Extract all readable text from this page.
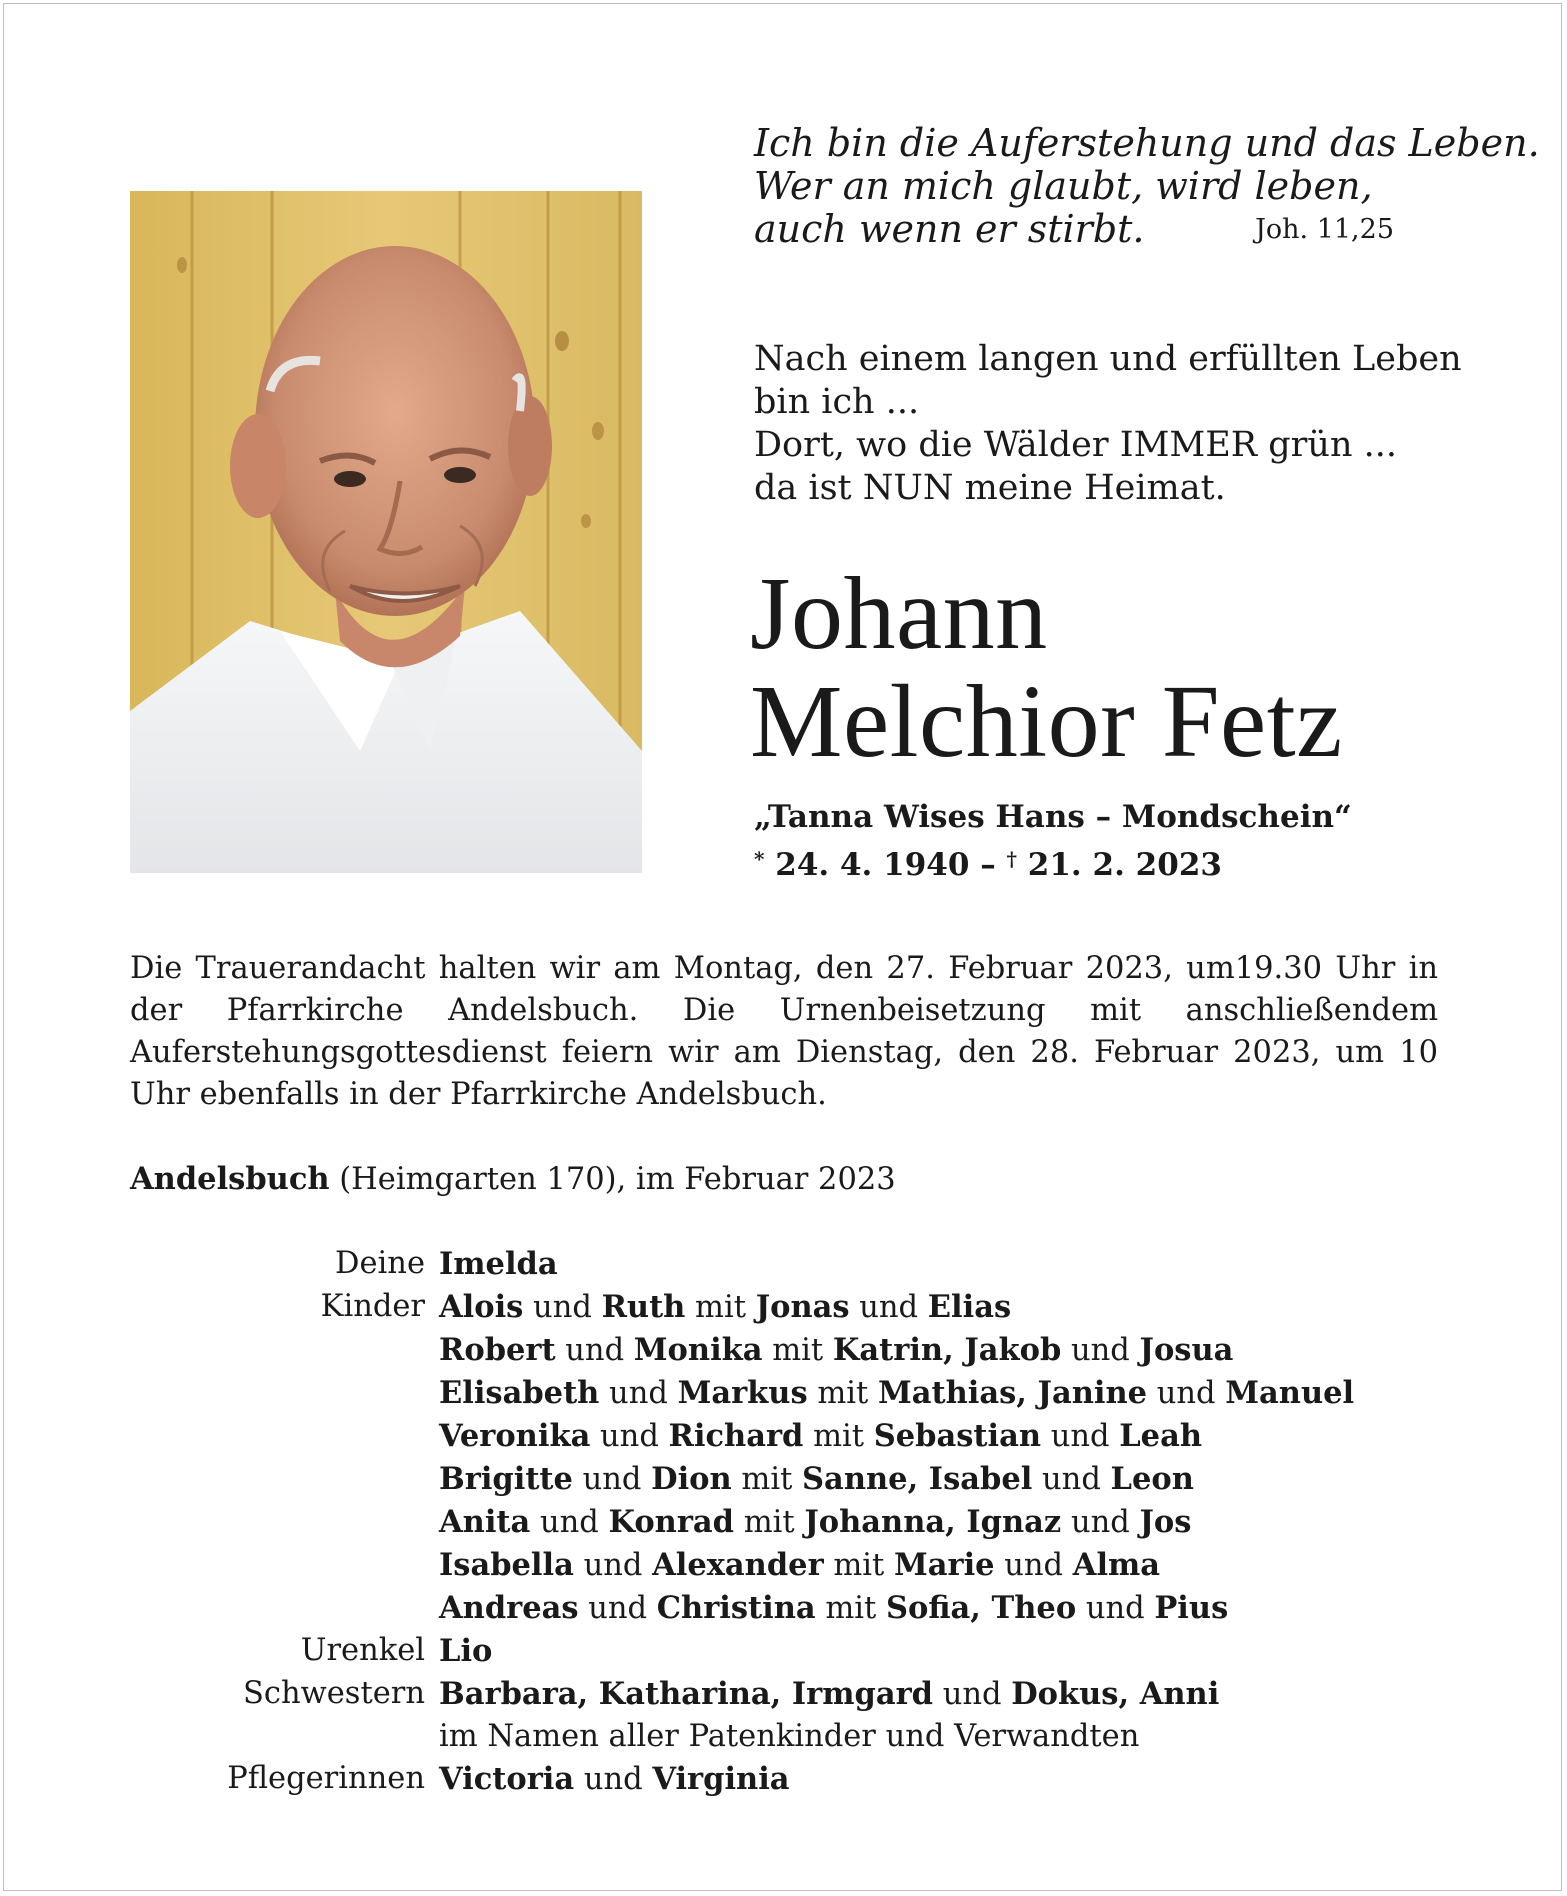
Ich bin die Auferstehung und das Leben.
Wer an mich glaubt, wird leben,
auch wenn er stirbt.	Joh. 11,25
Nach einem langen und erfüllten Leben
bin ich ...
Dort, wo die Wälder IMMER grün ...
da ist NUN meine Heimat.
Johann
Melchior Fetz
„Tanna Wises Hans – Mondschein“
* 24. 4. 1940 – † 21. 2. 2023
Die Trauerandacht halten wir am Montag, den 27. Februar 2023, um19.30 Uhr in der Pfarrkirche Andelsbuch. Die Urnenbeisetzung mit anschließendem Auferstehungsgottesdienst feiern wir am Dienstag, den 28. Februar 2023, um 10 Uhr ebenfalls in der Pfarrkirche Andelsbuch.
Andelsbuch (Heimgarten 170), im Februar 2023
Deine Imelda
Kinder Alois und Ruth mit Jonas und Elias
Robert und Monika mit Katrin, Jakob und Josua
Elisabeth und Markus mit Mathias, Janine und Manuel
Veronika und Richard mit Sebastian und Leah
Brigitte und Dion mit Sanne, Isabel und Leon
Anita und Konrad mit Johanna, Ignaz und Jos
Isabella und Alexander mit Marie und Alma
Andreas und Christina mit Sofia, Theo und Pius
Urenkel Lio
Schwestern Barbara, Katharina, Irmgard und Dokus, Anni
im Namen aller Patenkinder und Verwandten
Pflegerinnen Victoria und Virginia
